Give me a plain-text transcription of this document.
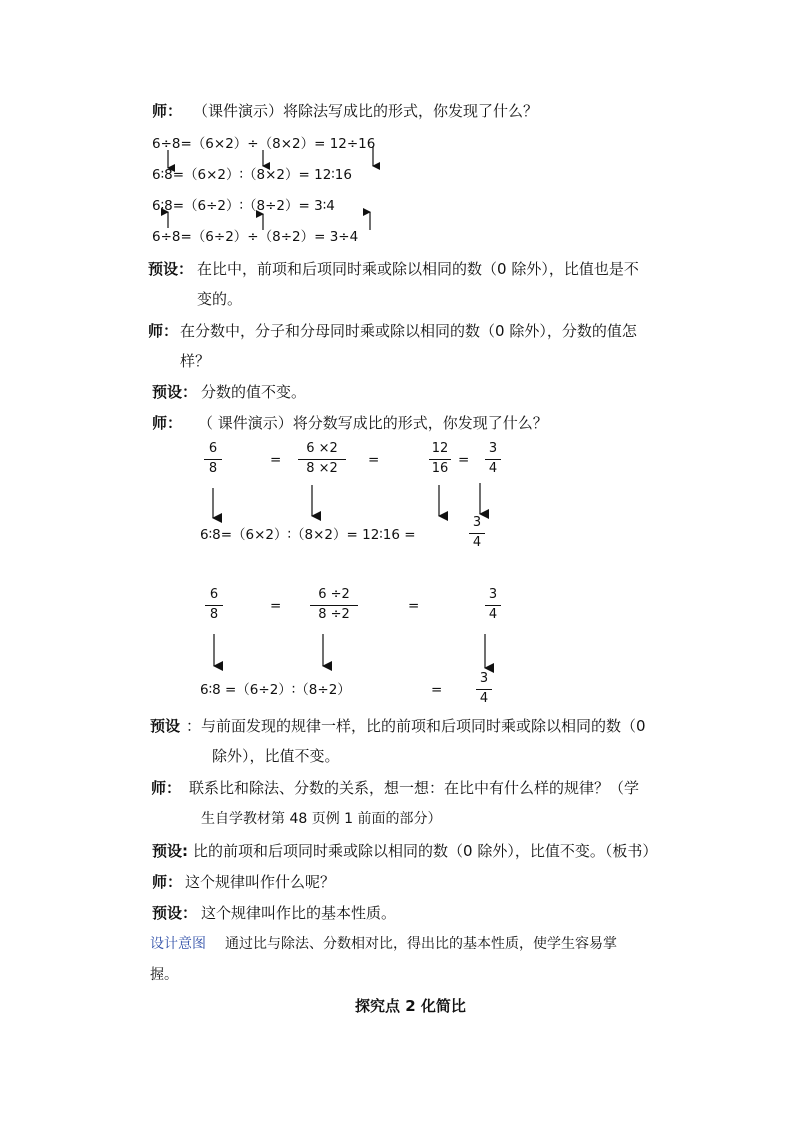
师： （课件演示）将除法写成比的形式，你发现了什么？
6÷8=（6×2）÷（8×2）= 12÷16
6∶8=（6×2）∶（8×2）= 12∶16
6∶8=（6÷2）∶（8÷2）= 3∶4
6÷8=（6÷2）÷（8÷2）= 3÷4
预设： 在比中，前项和后项同时乘或除以相同的数（0 除外），比值也是不
变的。
师： 在分数中，分子和分母同时乘或除以相同的数（0 除外），分数的值怎
样？
预设： 分数的值不变。
师： （ 课件演示）将分数写成比的形式，你发现了什么？
6
8
=
6 ×2
8 ×2
=
12
16
=
3
4
6∶8=（6×2）∶（8×2）= 12∶16 =
3
4
6
8
=
6 ÷2
8 ÷2
=
3
4
6∶8 =（6÷2）∶（8÷2）	=
3
4
预设 ：与前面发现的规律一样，比的前项和后项同时乘或除以相同的数（0
除外），比值不变。
师： 联系比和除法、分数的关系，想一想：在比中有什么样的规律？（学
生自学教材第 48 页例 1 前面的部分）
预设: 比的前项和后项同时乘或除以相同的数（0 除外），比值不变。（板书）
师： 这个规律叫作什么呢？
预设： 这个规律叫作比的基本性质。
设计意图 通过比与除法、分数相对比，得出比的基本性质，使学生容易掌
握。
探究点 2 化简比
